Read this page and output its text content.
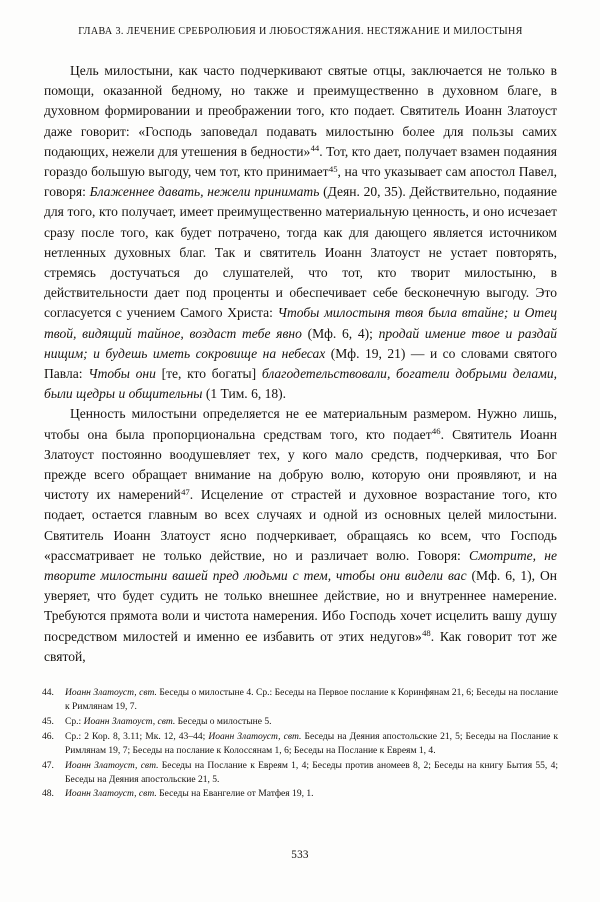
ГЛАВА 3. ЛЕЧЕНИЕ СРЕБРОЛЮБИЯ И ЛЮБОСТЯЖАНИЯ. НЕСТЯЖАНИЕ И МИЛОСТЫНЯ

Цель милостыни, как часто подчеркивают святые отцы, заключается не только в помощи, оказанной бедному, но также и преимущественно в духовном благе, в духовном формировании и преображении того, кто подает. Святитель Иоанн Златоуст даже говорит: «Господь заповедал подавать милостыню более для пользы самих подающих, нежели для утешения в бедности»$^{44}$. Тот, кто дает, получает взамен подаяния гораздо большую выгоду, чем тот, кто принимает$^{45}$, на что указывает сам апостол Павел, говоря: Блаженнее давать, нежели принимать (Деян. 20, 35). Действительно, подаяние для того, кто получает, имеет преимущественно материальную ценность, и оно исчезает сразу после того, как будет потрачено, тогда как для дающего является источником нетленных духовных благ. Так и святитель Иоанн Златоуст не устает повторять, стремясь достучаться до слушателей, что тот, кто творит милостыню, в действительности дает под проценты и обеспечивает себе бесконечную выгоду. Это согласуется с учением Самого Христа: Чтобы милостыня твоя была втайне; и Отец твой, видящий тайное, воздаст тебе явно (Мф. 6, 4); продай имение твое и раздай нищим; и будешь иметь сокровище на небесах (Мф. 19, 21) — и со словами святого Павла: Чтобы они [те, кто богаты] благодетельствовали, богатели добрыми делами, были щедры и общительны (1 Тим. 6, 18).

Ценность милостыни определяется не ее материальным размером. Нужно лишь, чтобы она была пропорциональна средствам того, кто подает$^{46}$. Святитель Иоанн Златоуст постоянно воодушевляет тех, у кого мало средств, подчеркивая, что Бог прежде всего обращает внимание на добрую волю, которую они проявляют, и на чистоту их намерений$^{47}$. Исцеление от страстей и духовное возрастание того, кто подает, остается главным во всех случаях и одной из основных целей милостыни. Святитель Иоанн Златоуст ясно подчеркивает, обращаясь ко всем, что Господь «рассматривает не только действие, но и различает волю. Говоря: Смотрите, не творите милостыни вашей пред людьми с тем, чтобы они видели вас (Мф. 6, 1), Он уверяет, что будет судить не только внешнее действие, но и внутреннее намерение. Требуются прямота воли и чистота намерения. Ибо Господь хочет исцелить вашу душу посредством милостей и именно ее избавить от этих недугов»$^{48}$. Как говорит тот же святой,

44.	Иоанн Златоуст, свт. Беседы о милостыне 4. Ср.: Беседы на Первое послание к Коринфянам 21, 6; Беседы на послание к Римлянам 19, 7.
45.	Ср.: Иоанн Златоуст, свт. Беседы о милостыне 5.
46.	Ср.: 2 Кор. 8, 3.11; Мк. 12, 43–44; Иоанн Златоуст, свт. Беседы на Деяния апостольские 21, 5; Беседы на Послание к Римлянам 19, 7; Беседы на послание к Колоссянам 1, 6; Беседы на Послание к Евреям 1, 4.
47.	Иоанн Златоуст, свт. Беседы на Послание к Евреям 1, 4; Беседы против аномеев 8, 2; Беседы на книгу Бытия 55, 4; Беседы на Деяния апостольские 21, 5.
48.	Иоанн Златоуст, свт. Беседы на Евангелие от Матфея 19, 1.
533
